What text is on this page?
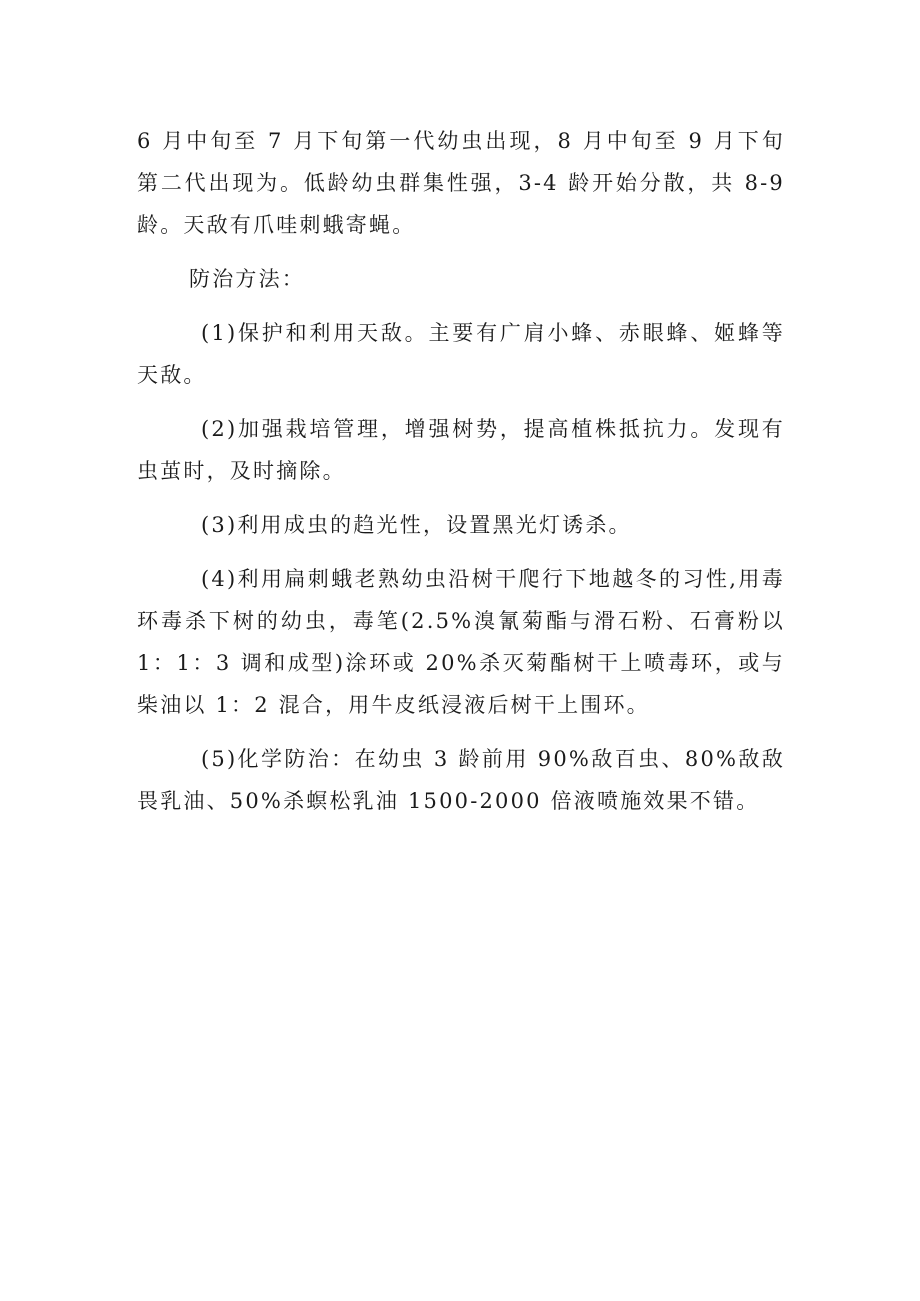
6 月中旬至 7 月下旬第一代幼虫出现，8 月中旬至 9 月下旬第二代出现为。低龄幼虫群集性强，3-4 龄开始分散，共 8-9 龄。天敌有爪哇刺蛾寄蝇。

防治方法：

(1)保护和利用天敌。主要有广肩小蜂、赤眼蜂、姬蜂等天敌。

(2)加强栽培管理，增强树势，提高植株抵抗力。发现有虫茧时，及时摘除。

(3)利用成虫的趋光性，设置黑光灯诱杀。

(4)利用扁刺蛾老熟幼虫沿树干爬行下地越冬的习性,用毒环毒杀下树的幼虫，毒笔(2.5%溴氰菊酯与滑石粉、石膏粉以 1：1：3 调和成型)涂环或 20%杀灭菊酯树干上喷毒环，或与柴油以 1：2 混合，用牛皮纸浸液后树干上围环。

(5)化学防治：在幼虫 3 龄前用 90%敌百虫、80%敌敌畏乳油、50%杀螟松乳油 1500-2000 倍液喷施效果不错。
